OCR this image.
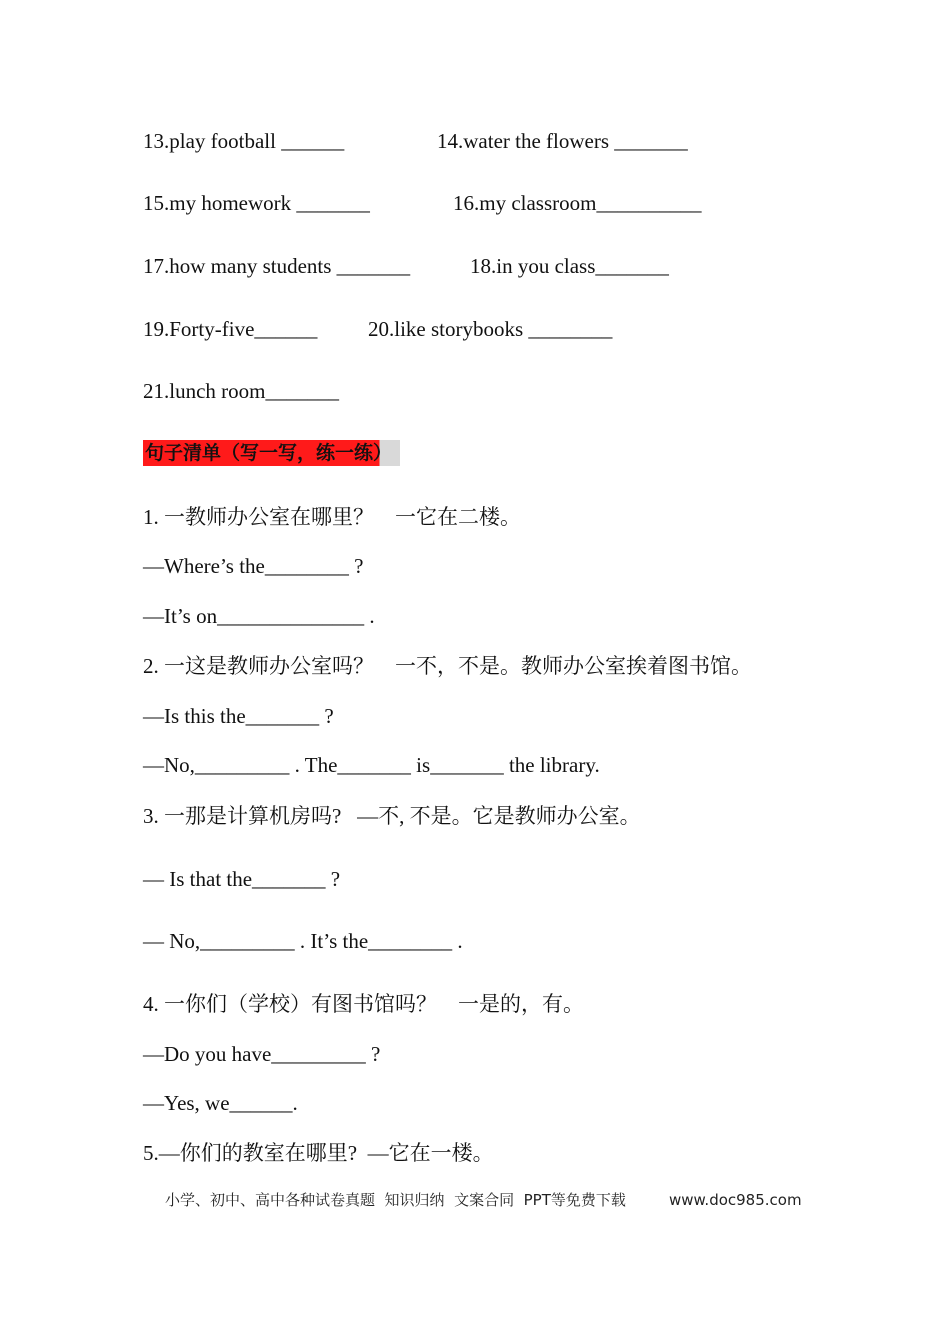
13.play football ______	14.water the flowers _______
15.my homework _______	16.my classroom__________
17.how many students _______	18.in you class_______
19.Forty-five______ 20.like storybooks ________
21.lunch room_______
句子清单（写一写，练一练）
1. 一教师办公室在哪里？    一它在二楼。
—Where’s the________ ?
—It’s on______________ .
2. 一这是教师办公室吗？    一不，不是。教师办公室挨着图书馆。
—Is this the_______ ?
—No,_________ . The_______ is_______ the library.
3. 一那是计算机房吗?   —不, 不是。它是教师办公室。
— Is that the_______ ?
— No,_________ . It’s the________ .
4. 一你们（学校）有图书馆吗？    一是的，有。
—Do you have_________ ?
—Yes, we______.
5.—你们的教室在哪里?  —它在一楼。
小学、初中、高中各种试卷真题  知识归纳  文案合同  PPT等免费下载	www.doc985.com
